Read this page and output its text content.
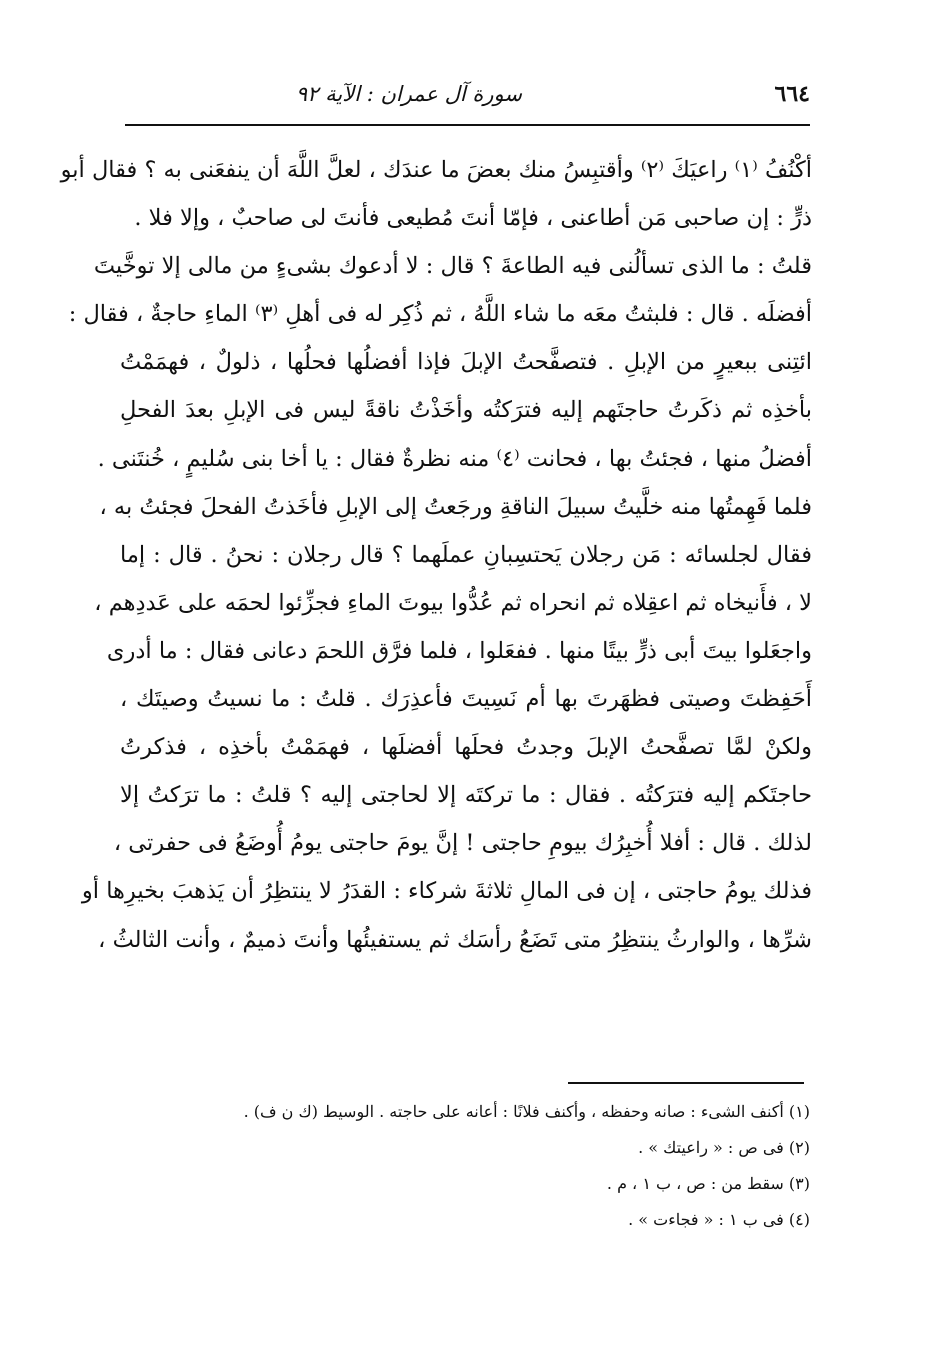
٦٦٤
سورة آل عمران : الآية ٩٢
أكْنُفُ ⁽١⁾ راعيَكَ ⁽٢⁾ وأقتبِسُ منك بعضَ ما عندَك ، لعلَّ اللَّهَ أن ينفعَنى به ؟ فقال أبو
ذرٍّ : إن صاحبى مَن أطاعنى ، فإمّا أنتَ مُطيعى فأنتَ لى صاحبٌ ، وإلا فلا .
قلتُ : ما الذى تسألُنى فيه الطاعةَ ؟ قال : لا أدعوك بشىءٍ من مالى إلا توخَّيتَ
أفضلَه . قال : فلبثتُ معَه ما شاء اللَّهُ ، ثم ذُكِر له فى أهلِ ⁽٣⁾ الماءِ حاجةٌ ، فقال :
ائتِنى ببعيرٍ من الإبلِ . فتصفَّحتُ الإبلَ فإذا أفضلُها فحلُها ، ذلولٌ ، فهمَمْتُ
بأخذِه ثم ذكَرتُ حاجتَهم إليه فترَكتُه وأخَذْتُ ناقةً ليس فى الإبلِ بعدَ الفحلِ
أفضلُ منها ، فجئتُ بها ، فحانت ⁽٤⁾ منه نظرةٌ فقال : يا أخا بنى سُليمٍ ، خُنتَنى .
فلما فَهِمتُها منه خلَّيتُ سبيلَ الناقةِ ورجَعتُ إلى الإبلِ فأخَذتُ الفحلَ فجئتُ به ،
فقال لجلسائه : مَن رجلان يَحتسِبانِ عملَهما ؟ قال رجلان : نحنُ . قال : إما
لا ، فأَنيخاه ثم اعقِلاه ثم انحراه ثم عُدُّوا بيوتَ الماءِ فجزِّئوا لحمَه على عَددِهم ،
واجعَلوا بيتَ أبى ذرٍّ بيتًا منها . ففعَلوا ، فلما فرَّق اللحمَ دعانى فقال : ما أدرى
أَحَفِظتَ وصيتى فظهَرتَ بها أم نَسِيتَ فأعذِرَك . قلتُ : ما نسيتُ وصيتَك ،
ولكنْ لمَّا تصفَّحتُ الإبلَ وجدتُ فحلَها أفضلَها ، فهمَمْتُ بأخذِه ، فذكرتُ
حاجتَكم إليه فترَكتُه . فقال : ما تركتَه إلا لحاجتى إليه ؟ قلتُ : ما ترَكتُ إلا
لذلك . قال : أفلا أُخبِرُك بيومِ حاجتى ! إنَّ يومَ حاجتى يومُ أُوضَعُ فى حفرتى ،
فذلك يومُ حاجتى ، إن فى المالِ ثلاثةَ شركاء : القدَرُ لا ينتظِرُ أن يَذهبَ بخيرِها أو
شرِّها ، والوارثُ ينتظِرُ متى تَضَعُ رأسَك ثم يستفيئُها وأنتَ ذميمٌ ، وأنت الثالثُ ،
(١) أكنف الشىء : صانه وحفظه ، وأكنف فلانًا : أعانه على حاجته . الوسيط (ك ن ف) .
(٢) فى ص : « راعيتك » .
(٣) سقط من : ص ، ب ١ ، م .
(٤) فى ب ١ : « فجاءت » .
